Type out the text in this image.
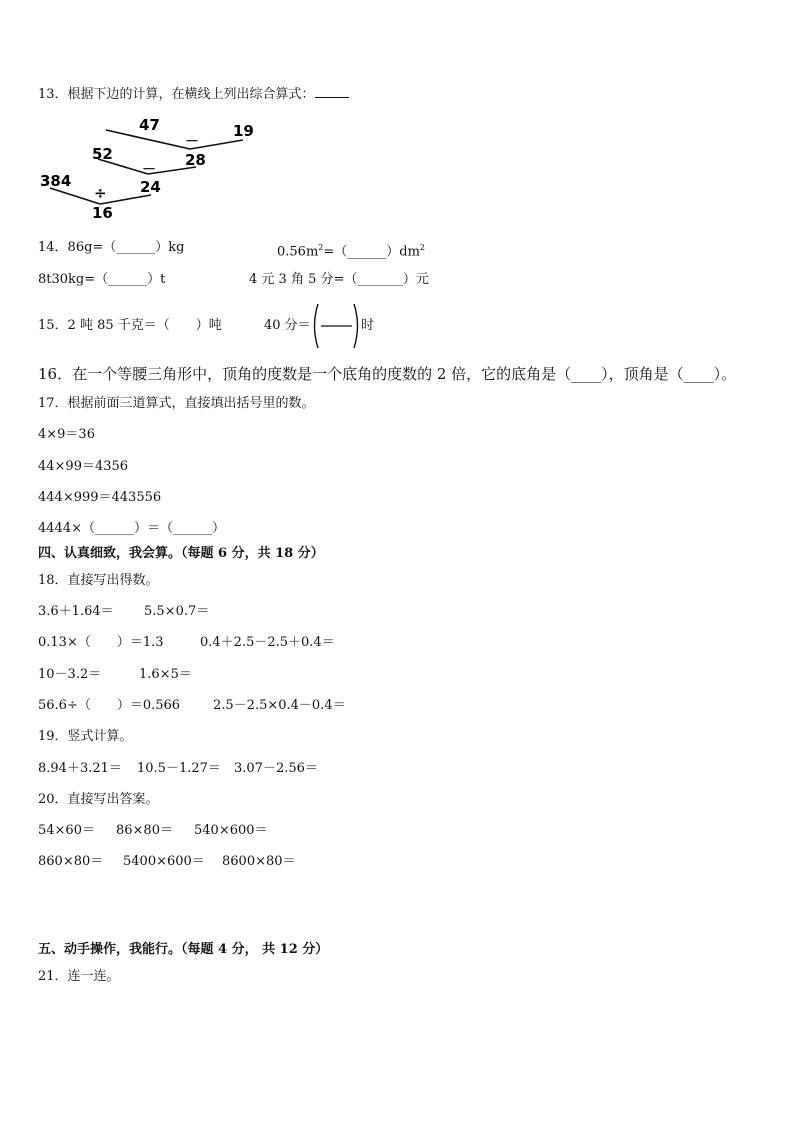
13．根据下边的计算，在横线上列出综合算式：
47
－
19
28
52
－
24
384
÷
16
14．86g=（______）kg	$0.56m^2=(\_\_\_\_\_\_)dm^2$
8t30kg=（______）t	4 元 3 角 5 分=（_______）元
15．2 吨 85 千克＝（　　）吨	40 分＝	时
16．在一个等腰三角形中，顶角的度数是一个底角的度数的 2 倍，它的底角是（____），顶角是（____）。
17．根据前面三道算式，直接填出括号里的数。
4×9＝36
44×99＝4356
444×999＝443556
4444×（______）＝（______）
四、认真细致，我会算。（每题 6 分，共 18 分）
18．直接写出得数。
3.6＋1.64＝ 5.5×0.7＝
0.13×（　　）＝1.3	0.4＋2.5－2.5＋0.4＝
10－3.2＝	1.6×5＝
56.6÷（　　）＝0.566	2.5－2.5×0.4－0.4＝
19．竖式计算。
8.94＋3.21＝ 10.5－1.27＝ 3.07－2.56＝
20．直接写出答案。
54×60＝ 86×80＝ 540×600＝
860×80＝ 5400×600＝ 8600×80＝
五、动手操作，我能行。（每题 4 分， 共 12 分）
21．连一连。
